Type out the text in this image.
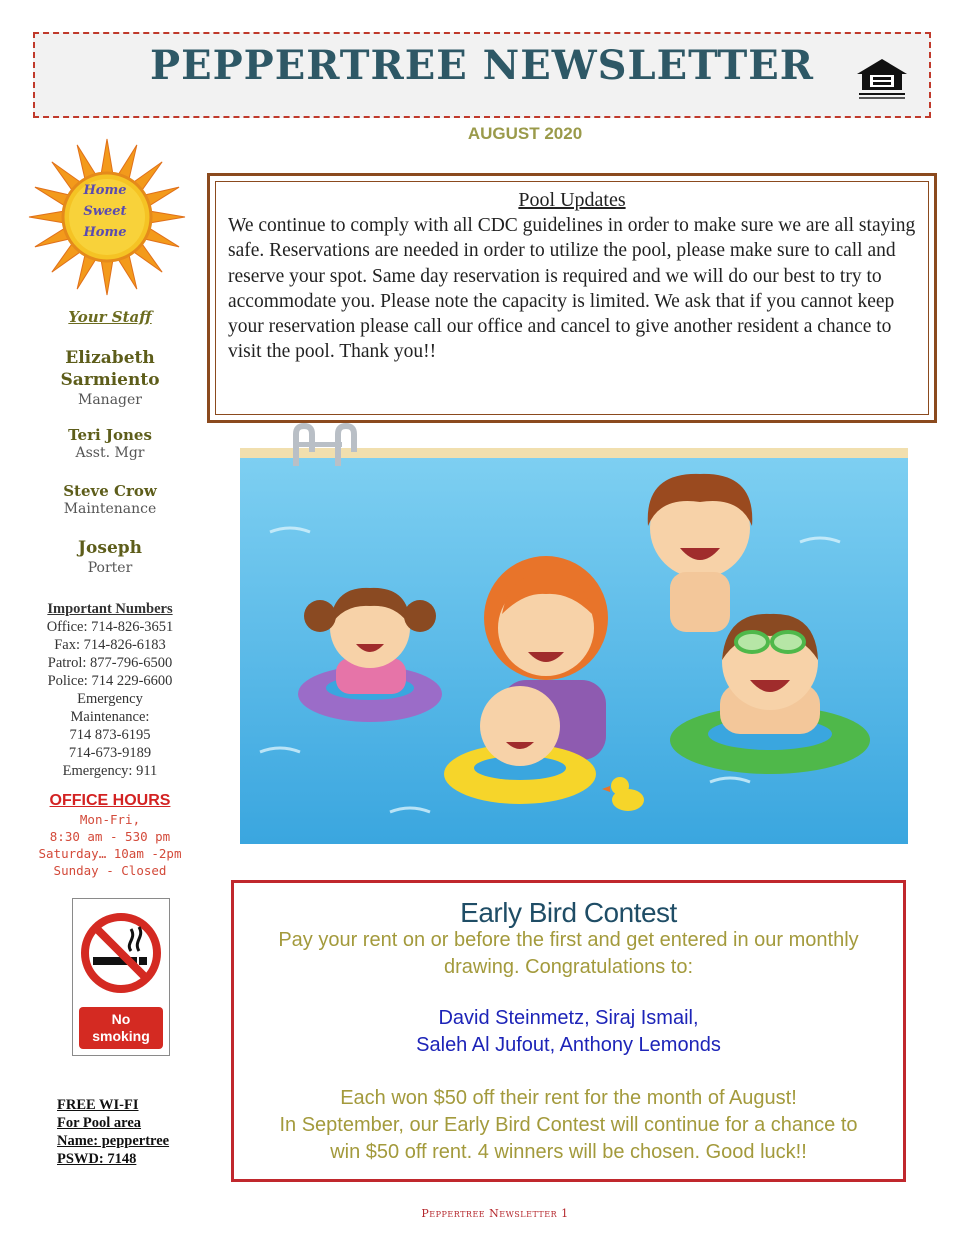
PEPPERTREE NEWSLETTER
AUGUST 2020
Home
Sweet
Home
Your Staff
Elizabeth Sarmiento
Manager
Teri Jones
Asst. Mgr
Steve Crow
Maintenance
Joseph
Porter
Important Numbers
Office: 714-826-3651
Fax: 714-826-6183
Patrol: 877-796-6500
Police: 714 229-6600
Emergency
Maintenance:
714 873-6195
714-673-9189
Emergency: 911
OFFICE HOURS
Mon-Fri,
8:30 am - 530 pm
Saturday… 10am -2pm
Sunday - Closed
No smoking
FREE WI-FI
For Pool area
Name: peppertree
PSWD: 7148
Pool Updates
We continue to comply with all CDC guidelines in order to make sure we are all staying safe. Reservations are needed in order to utilize the pool, please make sure to call and reserve your spot. Same day reservation is required and we will do our best to try to accommodate you. Please note the capacity is limited. We ask that if you cannot keep your reservation please call our office and cancel to give another resident a chance to visit the pool. Thank you!!
Early Bird Contest
Pay your rent on or before the first and get entered in our monthly
drawing. Congratulations to:
David Steinmetz, Siraj Ismail,
Saleh Al Jufout, Anthony Lemonds
Each won $50 off their rent for the month of August!
In September, our Early Bird Contest will continue for a chance to
win $50 off rent. 4 winners will be chosen. Good luck!!
Peppertree Newsletter 1
